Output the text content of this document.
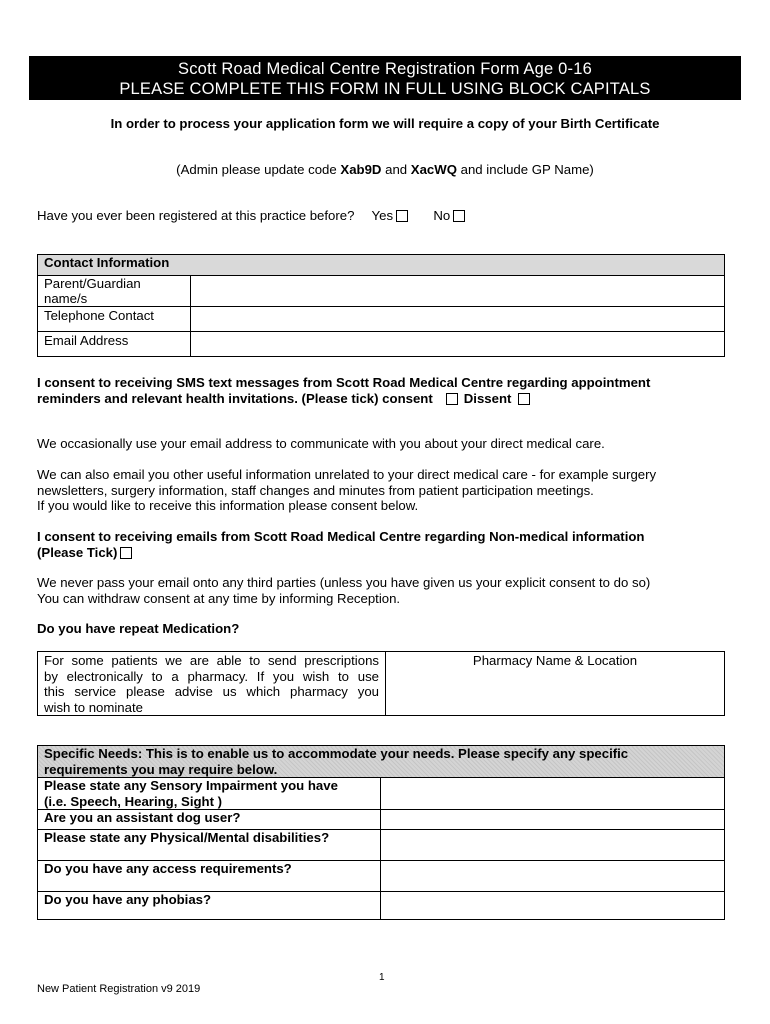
Scott Road Medical Centre Registration Form Age 0-16
PLEASE COMPLETE THIS FORM IN FULL USING BLOCK CAPITALS
In order to process your application form we will require a copy of your Birth Certificate
(Admin please update code Xab9D and XacWQ and include GP Name)
Have you ever been registered at this practice before? Yes	No
Contact Information	

Parent/Guardian
name/s	

Telephone Contact	
Email Address	
I consent to receiving SMS text messages from Scott Road Medical Centre regarding appointment
reminders and relevant health invitations. (Please tick) consent Dissent
We occasionally use your email address to communicate with you about your direct medical care.
We can also email you other useful information unrelated to your direct medical care - for example surgery
newsletters, surgery information, staff changes and minutes from patient participation meetings.
If you would like to receive this information please consent below.
I consent to receiving emails from Scott Road Medical Centre regarding Non-medical information
(Please Tick)
We never pass your email onto any third parties (unless you have given us your explicit consent to do so)
You can withdraw consent at any time by informing Reception.
Do you have repeat Medication?
For some patients we are able to send prescriptions
by electronically to a pharmacy. If you wish to use
this service please advise us which pharmacy you
wish to nominate
	Pharmacy Name & Location
Specific Needs: This is to enable us to accommodate your needs. Please specify any specific
requirements you may require below.	

Please state any Sensory Impairment you have
(i.e. Speech, Hearing, Sight )	

Are you an assistant dog user?	
Please state any Physical/Mental disabilities?	
Do you have any access requirements?	
Do you have any phobias?	
1
New Patient Registration v9 2019
